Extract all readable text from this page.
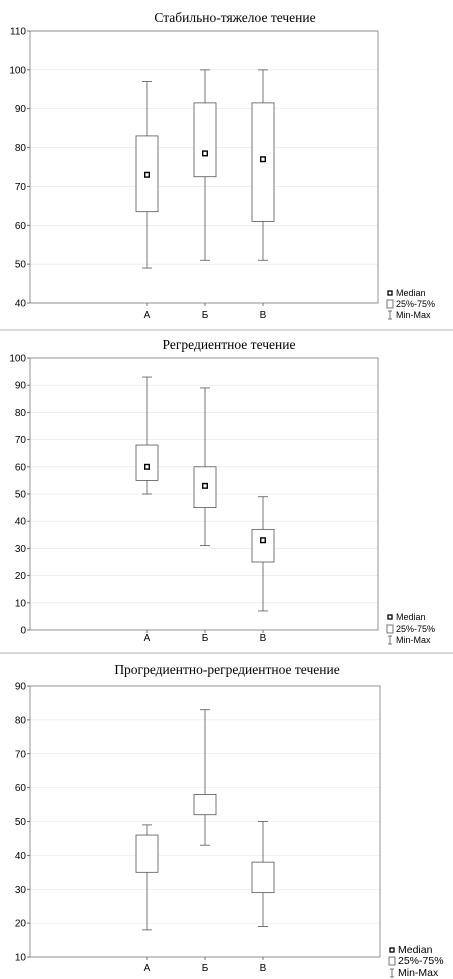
Стабильно-тяжелое течение
40
50
60
70
80
90
100
110
А	Б	В
Median
25%-75%
Min-Max
Регредиентное течение
0
10
20
30
40
50
60
70
80
90
100
А	Б	В
Median
25%-75%
Min-Max
Прогредиентно-регредиентное течение
10
20
30
40
50
60
70
80
90
А	Б	В
Median
25%-75%
Min-Max
